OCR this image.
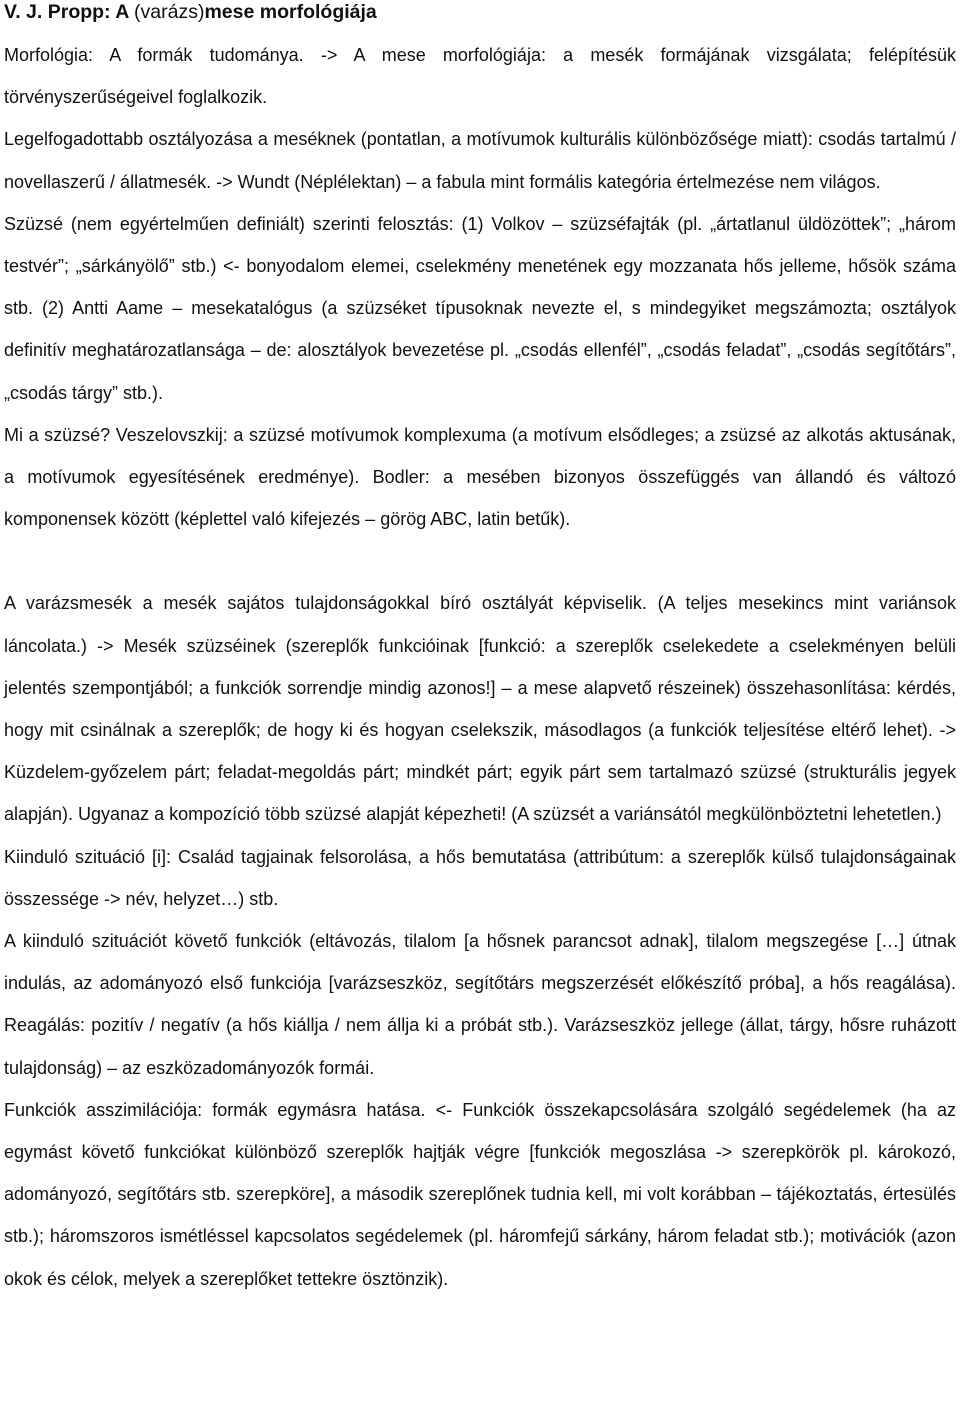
V. J. Propp: A (varázs)mese morfológiája

Morfológia: A formák tudománya. -> A mese morfológiája: a mesék formájának vizsgálata; felépítésük törvényszerűségeivel foglalkozik.

Legelfogadottabb osztályozása a meséknek (pontatlan, a motívumok kulturális különbözősége miatt): csodás tartalmú / novellaszerű / állatmesék. -> Wundt (Néplélektan) – a fabula mint formális kategória értelmezése nem világos.

Szüzsé (nem egyértelműen definiált) szerinti felosztás: (1) Volkov – szüzséfajták (pl. „ártatlanul üldözöttek”; „három testvér”; „sárkányölő” stb.) <- bonyodalom elemei, cselekmény menetének egy mozzanata hős jelleme, hősök száma stb. (2) Antti Aame – mesekatalógus (a szüzséket típusoknak nevezte el, s mindegyiket megszámozta; osztályok definitív meghatározatlansága – de: alosztályok bevezetése pl. „csodás ellenfél”, „csodás feladat”, „csodás segítőtárs”, „csodás tárgy” stb.).

Mi a szüzsé? Veszelovszkij: a szüzsé motívumok komplexuma (a motívum elsődleges; a zsüzsé az alkotás aktusának, a motívumok egyesítésének eredménye). Bodler: a mesében bizonyos összefüggés van állandó és változó komponensek között (képlettel való kifejezés – görög ABC, latin betűk).

A varázsmesék a mesék sajátos tulajdonságokkal bíró osztályát képviselik. (A teljes mesekincs mint variánsok láncolata.) -> Mesék szüzséinek (szereplők funkcióinak [funkció: a szereplők cselekedete a cselekményen belüli jelentés szempontjából; a funkciók sorrendje mindig azonos!] – a mese alapvető részeinek) összehasonlítása: kérdés, hogy mit csinálnak a szereplők; de hogy ki és hogyan cselekszik, másodlagos (a funkciók teljesítése eltérő lehet). -> Küzdelem-győzelem párt; feladat-megoldás párt; mindkét párt; egyik párt sem tartalmazó szüzsé (strukturális jegyek alapján). Ugyanaz a kompozíció több szüzsé alapját képezheti! (A szüzsét a variánsától megkülönböztetni lehetetlen.)

Kiinduló szituáció [i]: Család tagjainak felsorolása, a hős bemutatása (attribútum: a szereplők külső tulajdonságainak összessége -> név, helyzet…) stb.

A kiinduló szituációt követő funkciók (eltávozás, tilalom [a hősnek parancsot adnak], tilalom megszegése […] útnak indulás, az adományozó első funkciója [varázseszköz, segítőtárs megszerzését előkészítő próba], a hős reagálása). Reagálás: pozitív / negatív (a hős kiállja / nem állja ki a próbát stb.). Varázseszköz jellege (állat, tárgy, hősre ruházott tulajdonság) – az eszközadományozók formái.

Funkciók asszimilációja: formák egymásra hatása. <- Funkciók összekapcsolására szolgáló segédelemek (ha az egymást követő funkciókat különböző szereplők hajtják végre [funkciók megoszlása -> szerepkörök pl. károkozó, adományozó, segítőtárs stb. szerepköre], a második szereplőnek tudnia kell, mi volt korábban – tájékoztatás, értesülés stb.); háromszoros ismétléssel kapcsolatos segédelemek (pl. háromfejű sárkány, három feladat stb.); motivációk (azon okok és célok, melyek a szereplőket tettekre ösztönzik).
